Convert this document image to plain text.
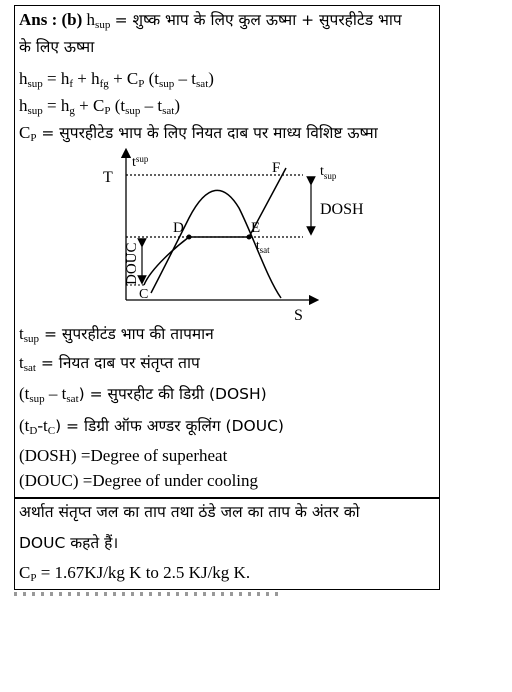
Ans : (b) $h_{sup}$ = शुष्क भाप के लिए कुल ऊष्मा + सुपरहीटेड भाप
के लिए ऊष्मा
$h_{sup} = h_f + h_{fg} + C_P$ $(t_{sup} - t_{sat})$
$h_{sup} = h_g + C_P$ $(t_{sup} - t_{sat})$
$C_P$ = सुपरहीटेड भाप के लिए नियत दाब पर माध्य विशिष्ट ऊष्मा
T
S
$t^{sup}$
D	E
F
C
$t_{sup}$
$t_{sat}$
DOSH
DOUC
$t_{sup}$ = सुपरहीटंड भाप की तापमान
$t_{sat}$ = नियत दाब पर संतृप्त ताप
$(t_{sup} - t_{sat})$ = सुपरहीट की डिग्री (DOSH)
$(t_D-t_C)$ = डिग्री ऑफ अण्डर कूलिंग (DOUC)
(DOSH) =Degree of superheat
(DOUC) =Degree of under cooling
अर्थात संतृप्त जल का ताप तथा ठंडे जल का ताप के अंतर को
DOUC कहते हैं।
$C_P = 1.67KJ/kg$ K to 2.5 KJ/kg K.
